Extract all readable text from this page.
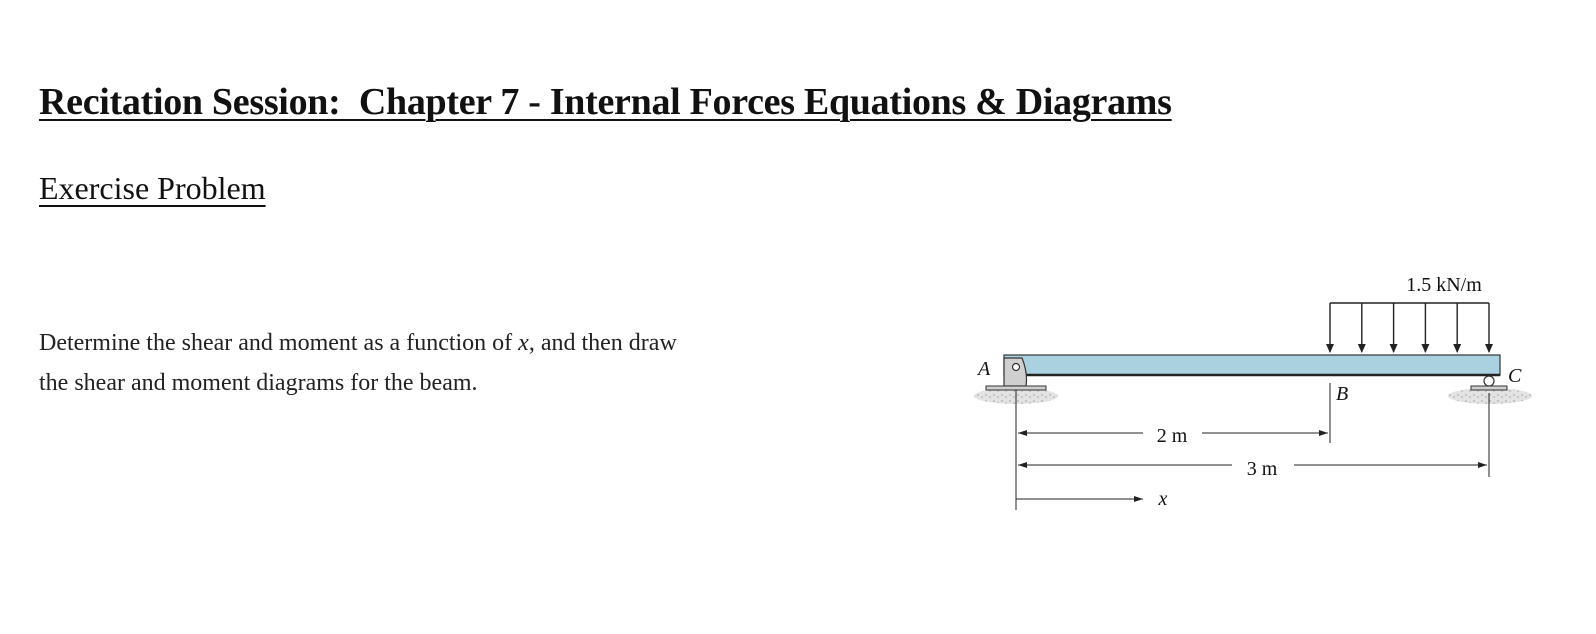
Recitation Session:  Chapter 7 - Internal Forces Equations & Diagrams
Exercise Problem

Determine the shear and moment as a function of x, and then draw
the shear and moment diagrams for the beam.

1.5 kN/m
A
B
C
2 m
3 m
x
